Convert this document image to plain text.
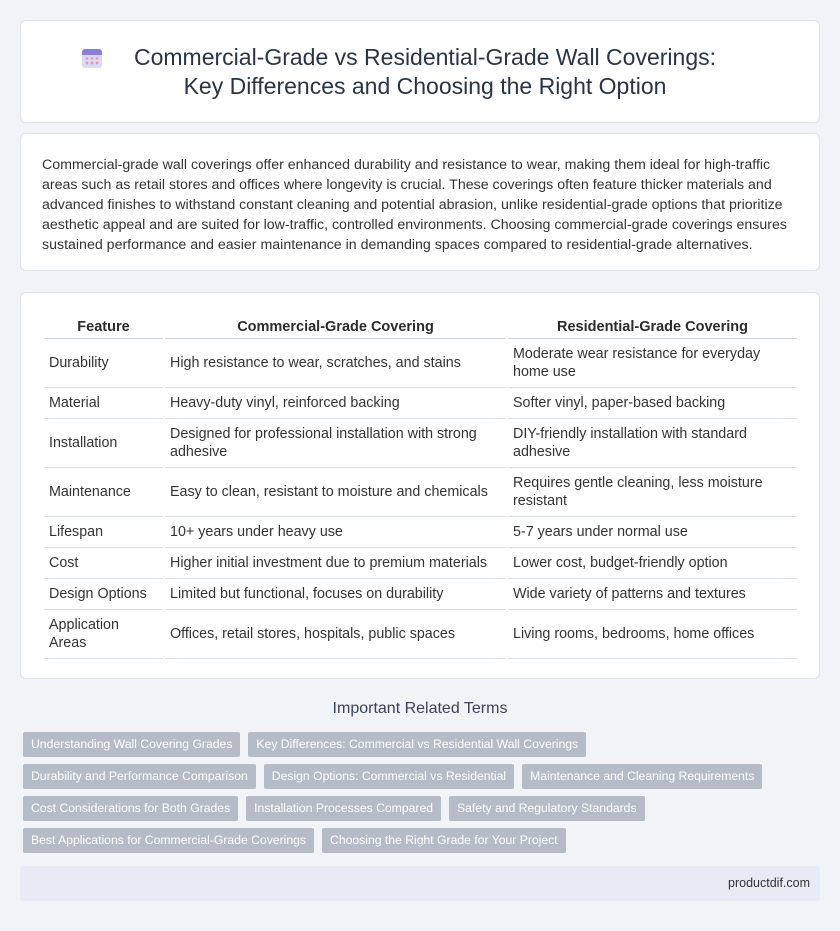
Commercial-Grade vs Residential-Grade Wall Coverings: Key Differences and Choosing the Right Option

Commercial-grade wall coverings offer enhanced durability and resistance to wear, making them ideal for high-traffic areas such as retail stores and offices where longevity is crucial. These coverings often feature thicker materials and advanced finishes to withstand constant cleaning and potential abrasion, unlike residential-grade options that prioritize aesthetic appeal and are suited for low-traffic, controlled environments. Choosing commercial-grade coverings ensures sustained performance and easier maintenance in demanding spaces compared to residential-grade alternatives.

Feature	Commercial-Grade Covering	Residential-Grade Covering
Durability	High resistance to wear, scratches, and stains	Moderate wear resistance for everyday home use
Material	Heavy-duty vinyl, reinforced backing	Softer vinyl, paper-based backing
Installation	Designed for professional installation with strong adhesive	DIY-friendly installation with standard adhesive
Maintenance	Easy to clean, resistant to moisture and chemicals	Requires gentle cleaning, less moisture resistant
Lifespan	10+ years under heavy use	5-7 years under normal use
Cost	Higher initial investment due to premium materials	Lower cost, budget-friendly option
Design Options	Limited but functional, focuses on durability	Wide variety of patterns and textures
Application Areas	Offices, retail stores, hospitals, public spaces	Living rooms, bedrooms, home offices
Important Related Terms
Understanding Wall Covering Grades	Key Differences: Commercial vs Residential Wall Coverings
Durability and Performance Comparison	Design Options: Commercial vs Residential	Maintenance and Cleaning Requirements
Cost Considerations for Both Grades	Installation Processes Compared	Safety and Regulatory Standards
Best Applications for Commercial-Grade Coverings	Choosing the Right Grade for Your Project
productdif.com
